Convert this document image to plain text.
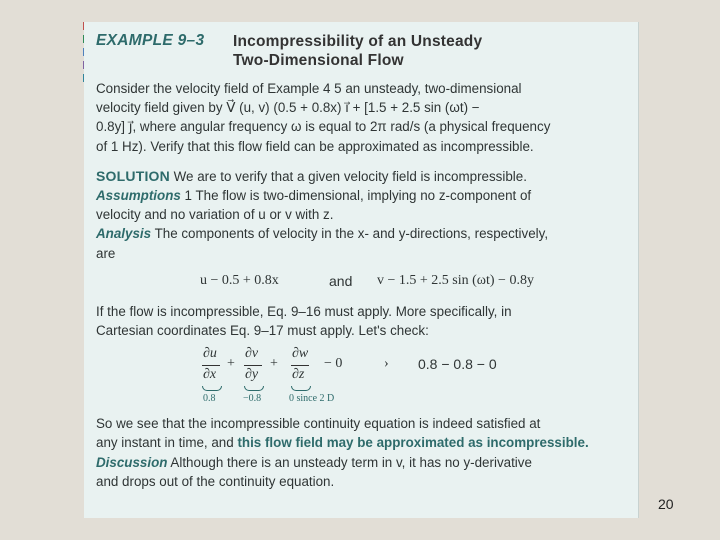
EXAMPLE 9–3 Incompressibility of an Unsteady
Two-Dimensional Flow

Consider the velocity field of Example 4 5 an unsteady, two-dimensional

velocity field given by V⃗ (u, v) (0.5 + 0.8x) i⃗ + [1.5 + 2.5 sin (ωt) −

0.8y] j⃗, where angular frequency ω is equal to 2π rad/s (a physical frequency

of 1 Hz). Verify that this flow field can be approximated as incompressible.

SOLUTION We are to verify that a given velocity field is incompressible.

Assumptions 1 The flow is two-dimensional, implying no z-component of

velocity and no variation of u or v with z.

Analysis The components of velocity in the x- and y-directions, respectively,

are

u − 0.5 + 0.8x	and v − 1.5 + 2.5 sin (ωt) − 0.8y

If the flow is incompressible, Eq. 9–16 must apply. More specifically, in

Cartesian coordinates Eq. 9–17 must apply. Let's check:

∂u
∂x
+
∂v
∂y
+
∂w
∂z
− 0	› 0.8 − 0.8 − 0
0.8	−0.8	0 since 2 D

So we see that the incompressible continuity equation is indeed satisfied at

any instant in time, and this flow field may be approximated as incompressible.

Discussion Although there is an unsteady term in v, it has no y-derivative

and drops out of the continuity equation.

20
